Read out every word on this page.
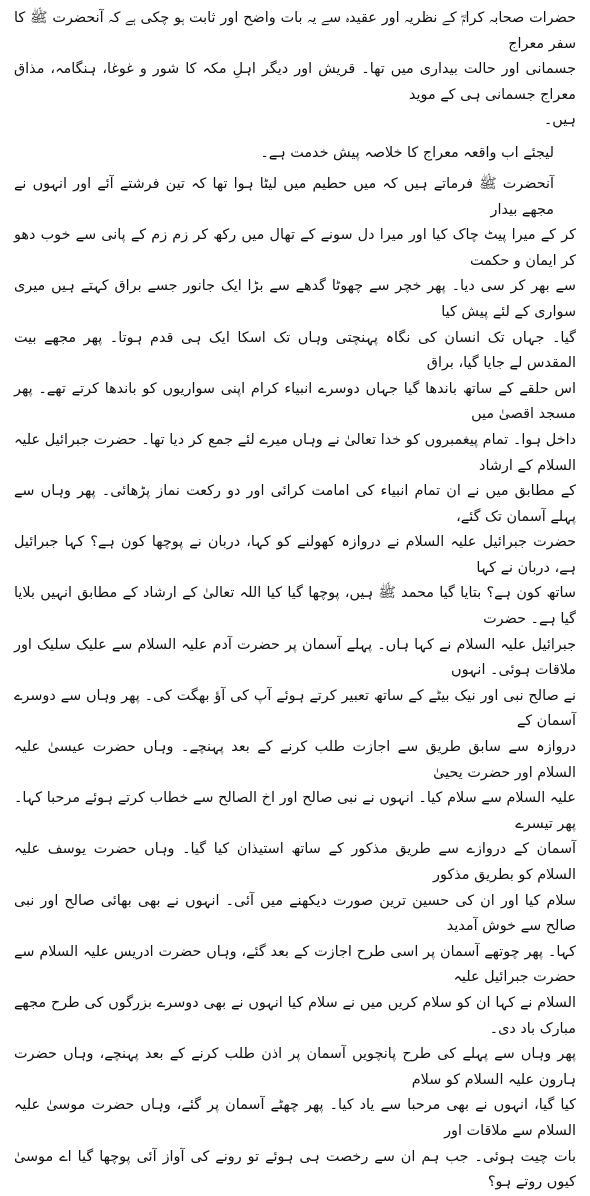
حضرات صحابہ کرامؓ کے نظریہ اور عقیدہ سے یہ بات واضح اور ثابت ہو چکی ہے کہ آنحضرت ﷺ کا سفر معراج

جسمانی اور حالت بیداری میں تھا۔ قریش اور دیگر اہلِ مکہ کا شور و غوغا، ہنگامہ، مذاق معراج جسمانی ہی کے موید

ہیں۔

لیجئے اب واقعہ معراج کا خلاصہ پیش خدمت ہے۔

آنحضرت ﷺ فرماتے ہیں کہ میں حطیم میں لیٹا ہوا تھا کہ تین فرشتے آئے اور انہوں نے مجھے بیدار

کر کے میرا پیٹ چاک کیا اور میرا دل سونے کے تھال میں رکھ کر زم زم کے پانی سے خوب دھو کر ایمان و حکمت

سے بھر کر سی دیا۔ پھر خچر سے چھوٹا گدھے سے بڑا ایک جانور جسے براق کہتے ہیں میری سواری کے لئے پیش کیا

گیا۔ جہاں تک انسان کی نگاہ پہنچتی وہاں تک اسکا ایک ہی قدم ہوتا۔ پھر مجھے بیت المقدس لے جایا گیا، براق

اس حلقے کے ساتھ باندھا گیا جہاں دوسرے انبیاء کرام اپنی سواریوں کو باندھا کرتے تھے۔ پھر مسجد اقصیٰ میں

داخل ہوا۔ تمام پیغمبروں کو خدا تعالیٰ نے وہاں میرے لئے جمع کر دیا تھا۔ حضرت جبرائیل علیہ السلام کے ارشاد

کے مطابق میں نے ان تمام انبیاء کی امامت کرائی اور دو رکعت نماز پڑھائی۔ پھر وہاں سے پہلے آسمان تک گئے،

حضرت جبرائیل علیہ السلام نے دروازہ کھولنے کو کہا، دربان نے پوچھا کون ہے؟ کہا جبرائیل ہے، دربان نے کہا

ساتھ کون ہے؟ بتایا گیا محمد ﷺ ہیں، پوچھا گیا کیا اللہ تعالیٰ کے ارشاد کے مطابق انہیں بلایا گیا ہے۔ حضرت

جبرائیل علیہ السلام نے کہا ہاں۔ پہلے آسمان پر حضرت آدم علیہ السلام سے علیک سلیک اور ملاقات ہوئی۔ انہوں

نے صالح نبی اور نیک بیٹے کے ساتھ تعبیر کرتے ہوئے آپ کی آؤ بھگت کی۔ پھر وہاں سے دوسرے آسمان کے

دروازہ سے سابق طریق سے اجازت طلب کرنے کے بعد پہنچے۔ وہاں حضرت عیسیٰ علیہ السلام اور حضرت یحییٰ

علیہ السلام سے سلام کیا۔ انہوں نے نبی صالح اور اخ الصالح سے خطاب کرتے ہوئے مرحبا کہا۔ پھر تیسرے

آسمان کے دروازے سے طریق مذکور کے ساتھ استیذان کیا گیا۔ وہاں حضرت یوسف علیہ السلام کو بطریق مذکور

سلام کیا اور ان کی حسین ترین صورت دیکھنے میں آئی۔ انہوں نے بھی بھائی صالح اور نبی صالح سے خوش آمدید

کہا۔ پھر چوتھے آسمان پر اسی طرح اجازت کے بعد گئے، وہاں حضرت ادریس علیہ السلام سے حضرت جبرائیل علیہ

السلام نے کہا ان کو سلام کریں میں نے سلام کیا انہوں نے بھی دوسرے بزرگوں کی طرح مجھے مبارک باد دی۔

پھر وہاں سے پہلے کی طرح پانچویں آسمان پر اذن طلب کرنے کے بعد پہنچے، وہاں حضرت ہارون علیہ السلام کو سلام

کیا گیا، انہوں نے بھی مرحبا سے یاد کیا۔ پھر چھٹے آسمان پر گئے، وہاں حضرت موسیٰ علیہ السلام سے ملاقات اور

بات چیت ہوئی۔ جب ہم ان سے رخصت ہی ہوئے تو رونے کی آواز آئی پوچھا گیا اے موسیٰ کیوں روتے ہو؟
